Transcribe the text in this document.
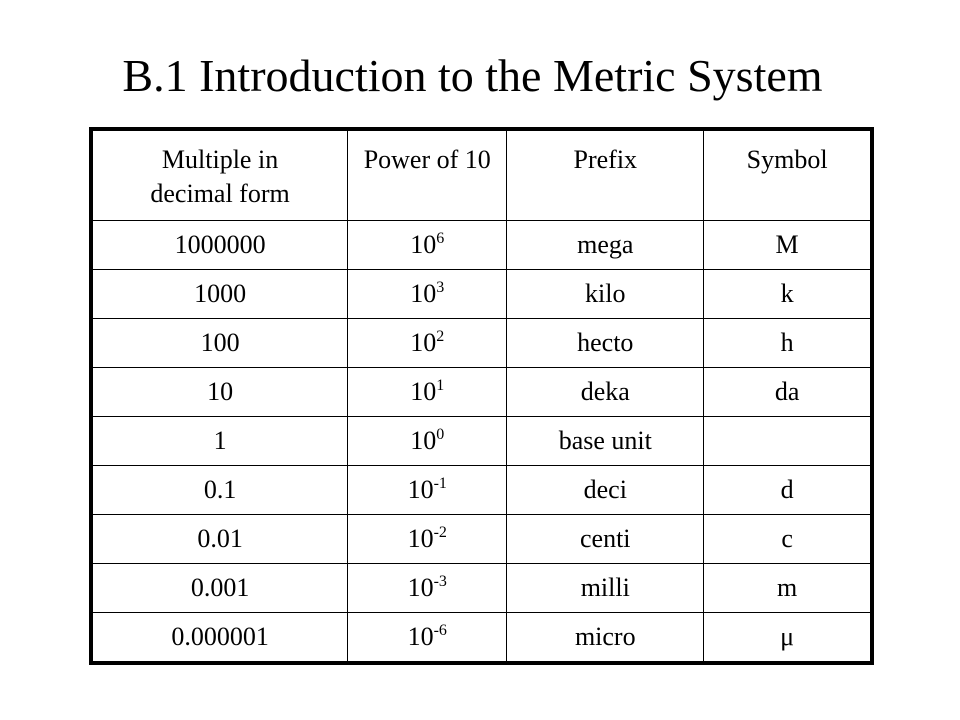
B.1 Introduction to the Metric System
Multiple in
decimal form	Power of 10	Prefix	Symbol
1000000	$10^6$	mega	M
1000	$10^3$	kilo	k
100	$10^2$	hecto	h
10	$10^1$	deka	da
1	$10^0$	base unit	
0.1	$10^{-1}$	deci	d
0.01	$10^{-2}$	centi	c
0.001	$10^{-3}$	milli	m
0.000001	$10^{-6}$	micro	μ
